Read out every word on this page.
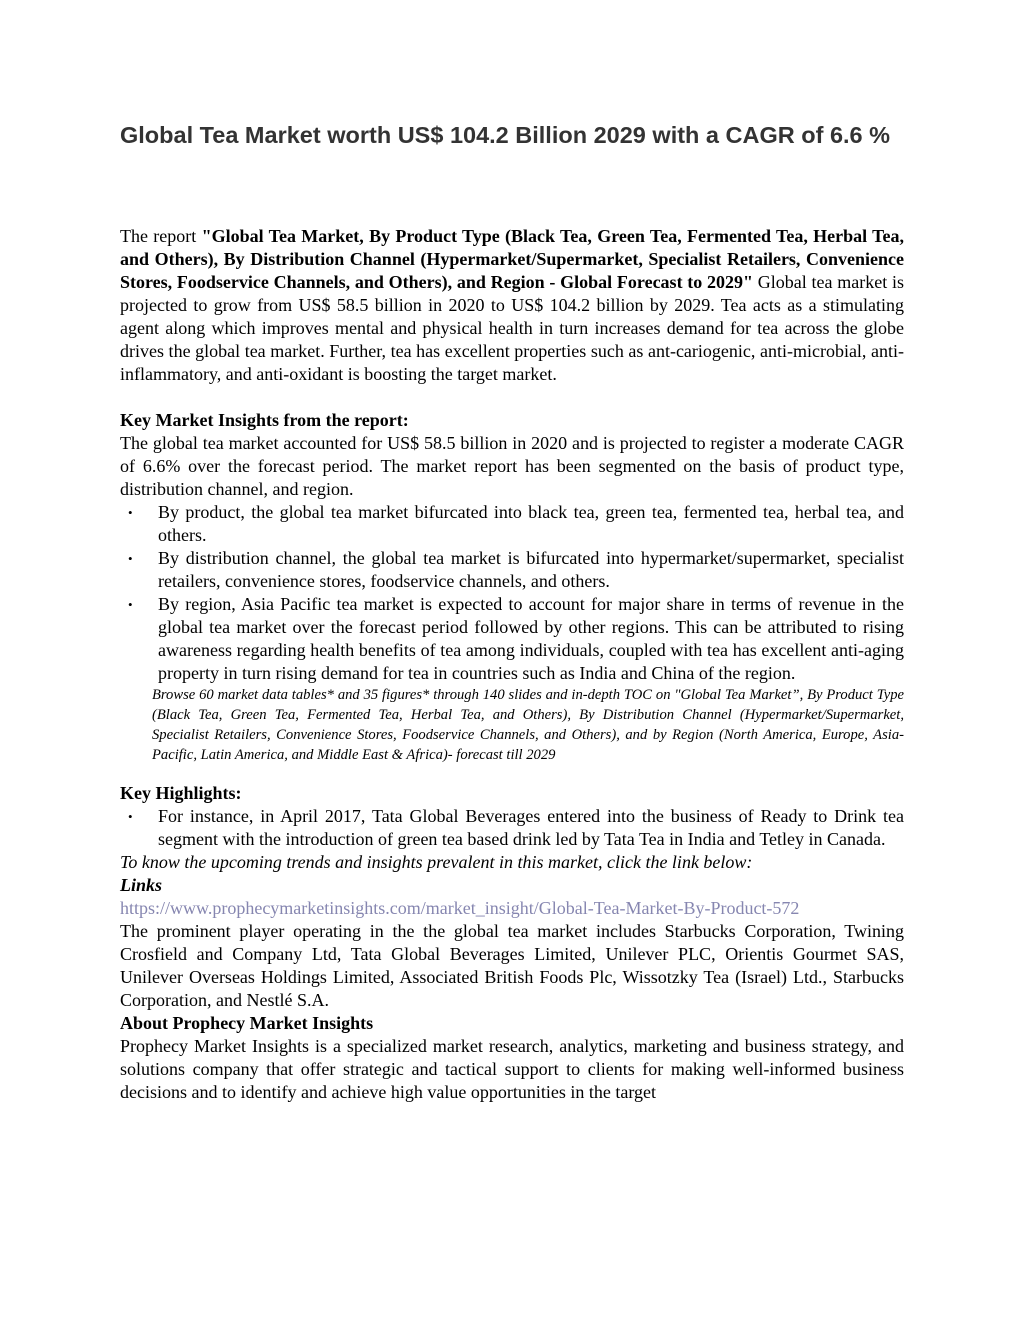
Global Tea Market worth US$ 104.2 Billion 2029 with a CAGR of 6.6 %

The report "Global Tea Market, By Product Type (Black Tea, Green Tea, Fermented Tea, Herbal Tea, and Others), By Distribution Channel (Hypermarket/Supermarket, Specialist Retailers, Convenience Stores, Foodservice Channels, and Others), and Region - Global Forecast to 2029" Global tea market is projected to grow from US$ 58.5 billion in 2020 to US$ 104.2 billion by 2029. Tea acts as a stimulating agent along which improves mental and physical health in turn increases demand for tea across the globe drives the global tea market. Further, tea has excellent properties such as ant-cariogenic, anti-microbial, anti-inflammatory, and anti-oxidant is boosting the target market.

Key Market Insights from the report:

The global tea market accounted for US$ 58.5 billion in 2020 and is projected to register a moderate CAGR of 6.6% over the forecast period. The market report has been segmented on the basis of product type, distribution channel, and region.

• By product, the global tea market bifurcated into black tea, green tea, fermented tea, herbal tea, and others.
• By distribution channel, the global tea market is bifurcated into hypermarket/supermarket, specialist retailers, convenience stores, foodservice channels, and others.
• By region, Asia Pacific tea market is expected to account for major share in terms of revenue in the global tea market over the forecast period followed by other regions. This can be attributed to rising awareness regarding health benefits of tea among individuals, coupled with tea has excellent anti-aging property in turn rising demand for tea in countries such as India and China of the region.

Browse 60 market data tables* and 35 figures* through 140 slides and in-depth TOC on "Global Tea Market”, By Product Type (Black Tea, Green Tea, Fermented Tea, Herbal Tea, and Others), By Distribution Channel (Hypermarket/Supermarket, Specialist Retailers, Convenience Stores, Foodservice Channels, and Others), and by Region (North America, Europe, Asia-Pacific, Latin America, and Middle East & Africa)- forecast till 2029

Key Highlights:
• For instance, in April 2017, Tata Global Beverages entered into the business of Ready to Drink tea segment with the introduction of green tea based drink led by Tata Tea in India and Tetley in Canada.
To know the upcoming trends and insights prevalent in this market, click the link below:
Links
https://www.prophecymarketinsights.com/market_insight/Global-Tea-Market-By-Product-572

The prominent player operating in the the global tea market includes Starbucks Corporation, Twining Crosfield and Company Ltd, Tata Global Beverages Limited, Unilever PLC, Orientis Gourmet SAS, Unilever Overseas Holdings Limited, Associated British Foods Plc, Wissotzky Tea (Israel) Ltd., Starbucks Corporation, and Nestlé S.A.

About Prophecy Market Insights

Prophecy Market Insights is a specialized market research, analytics, marketing and business strategy, and solutions company that offer strategic and tactical support to clients for making well-informed business decisions and to identify and achieve high value opportunities in the target
